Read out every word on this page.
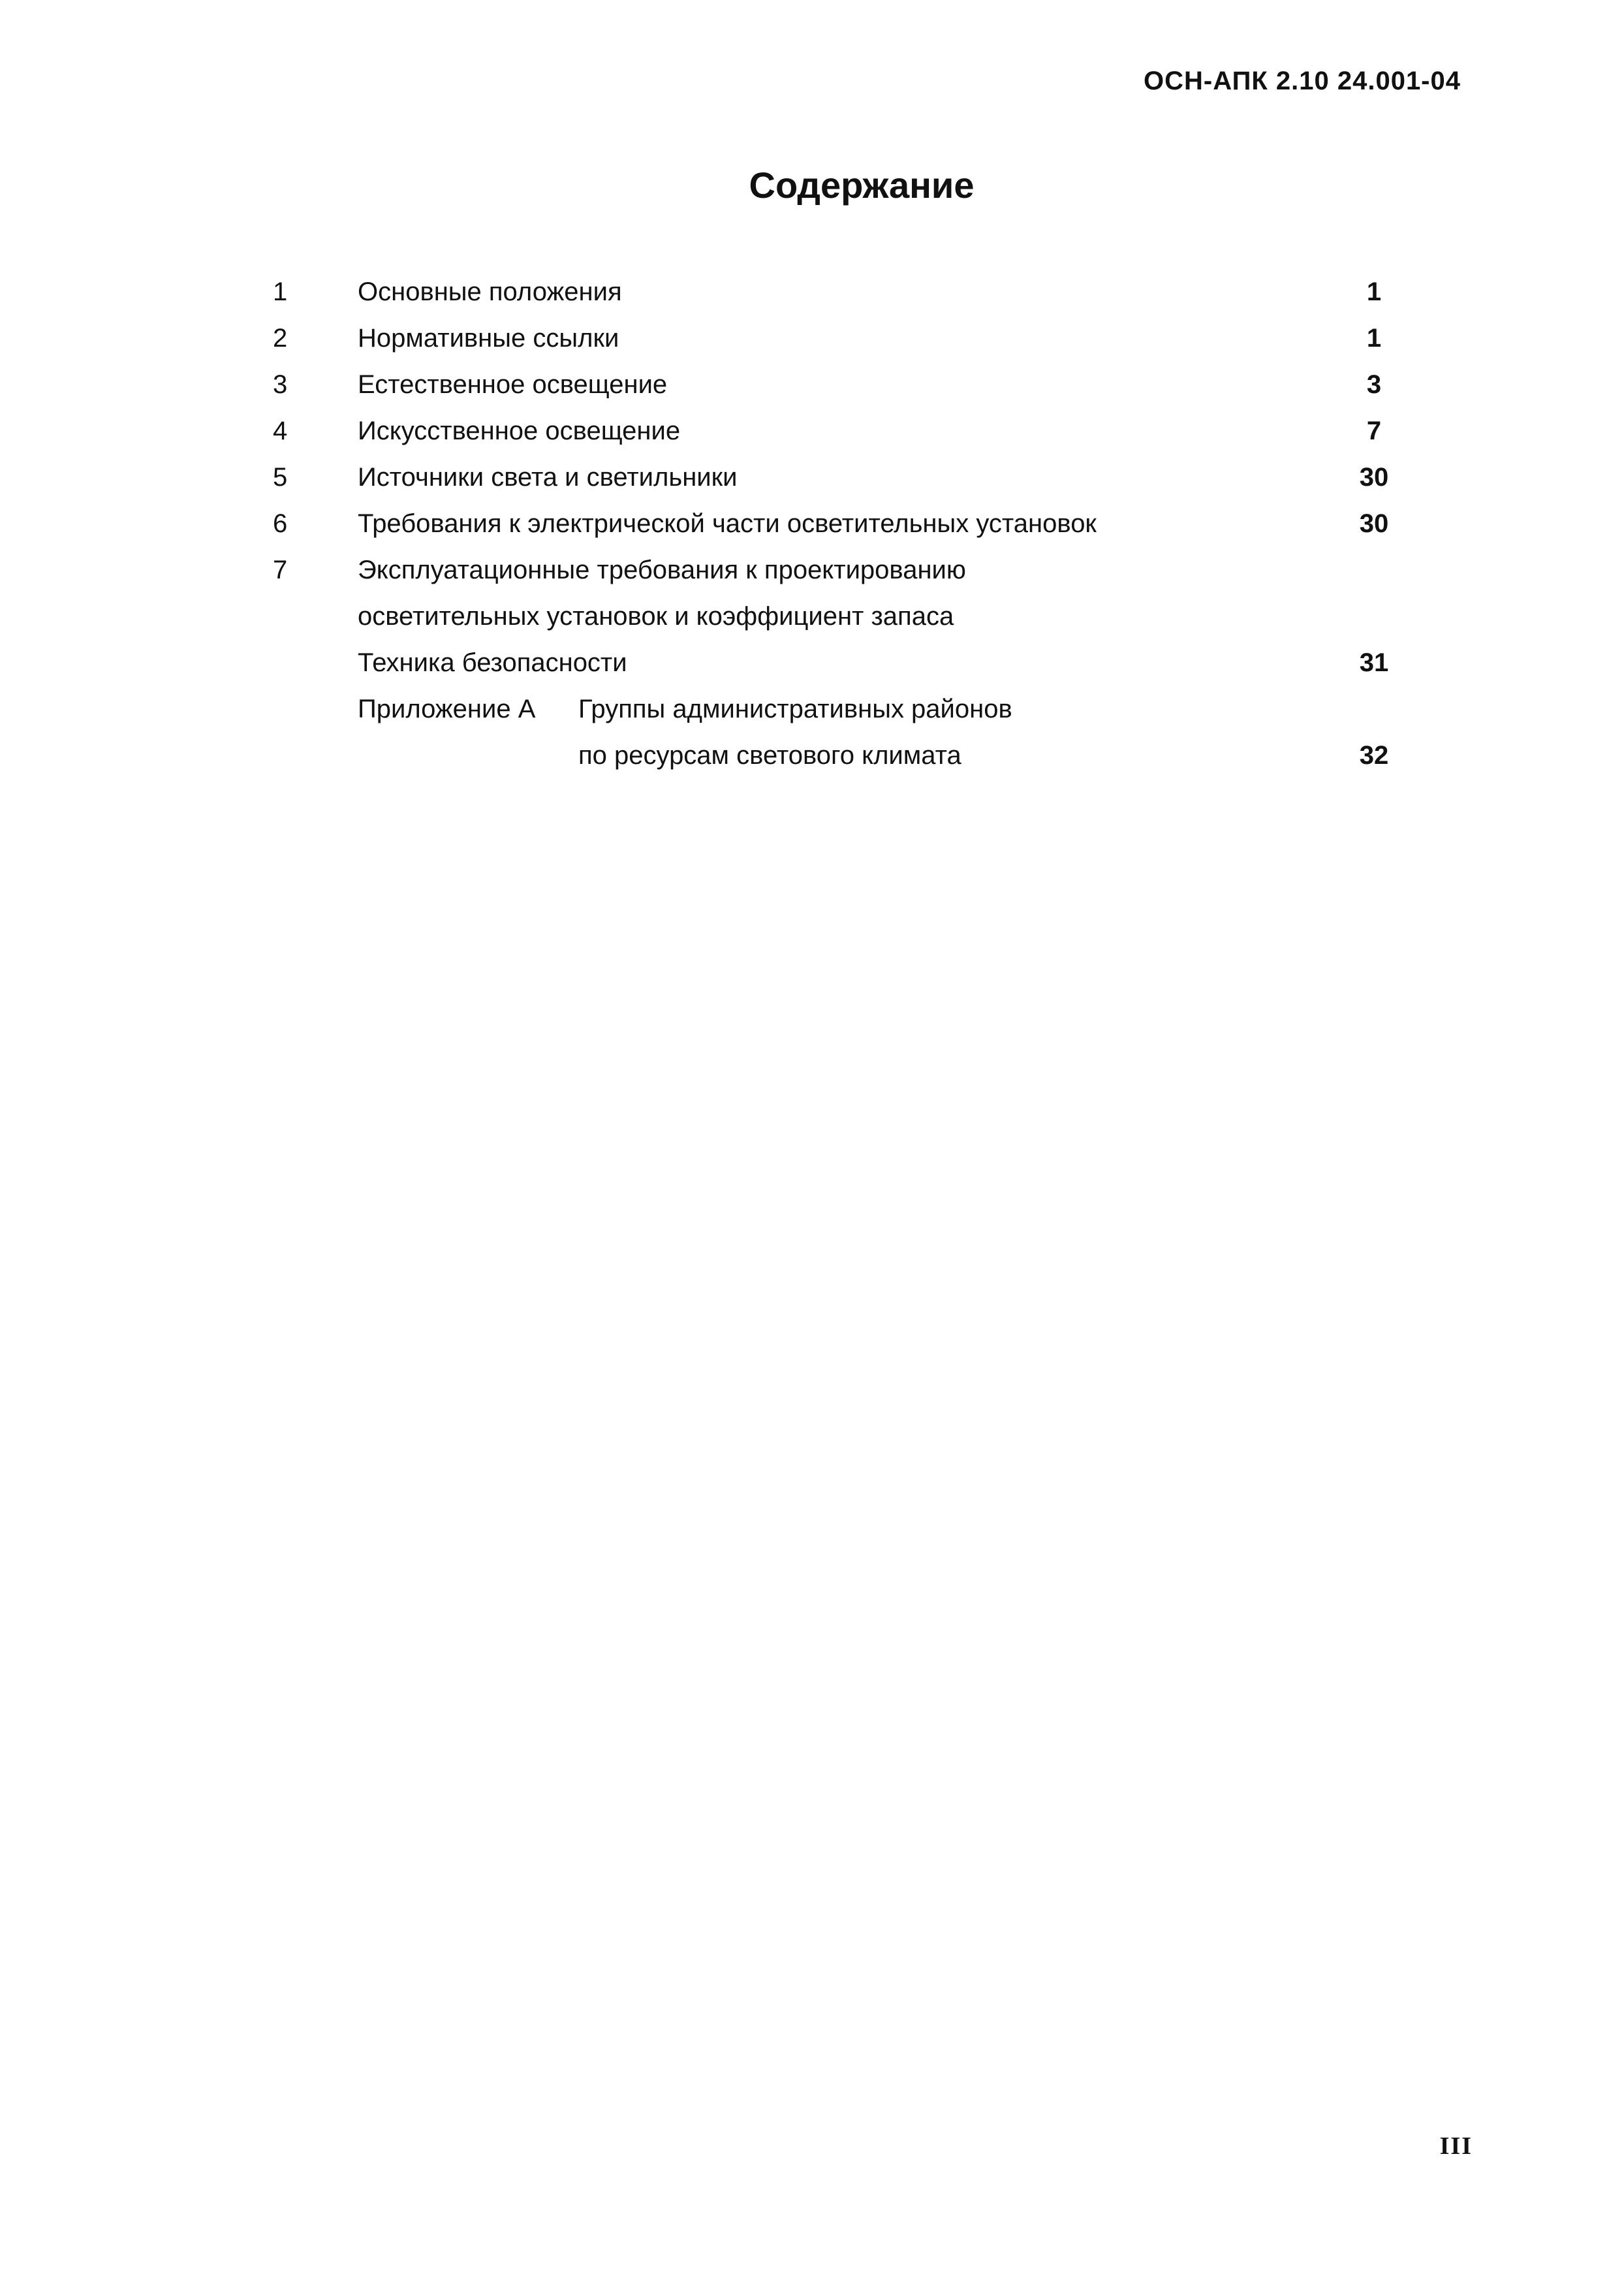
ОСН-АПК 2.10 24.001-04
Содержание
1	Основные положения	1
2	Нормативные ссылки	1
3	Естественное освещение	3
4	Искусственное освещение	7
5	Источники света и светильники	30
6	Требования к электрической части осветительных установок	30
7	Эксплуатационные требования к проектированию
осветительных установок и коэффициент запаса
Техника безопасности	31
Приложение А Группы административных районов
по ресурсам светового климата	32
III
